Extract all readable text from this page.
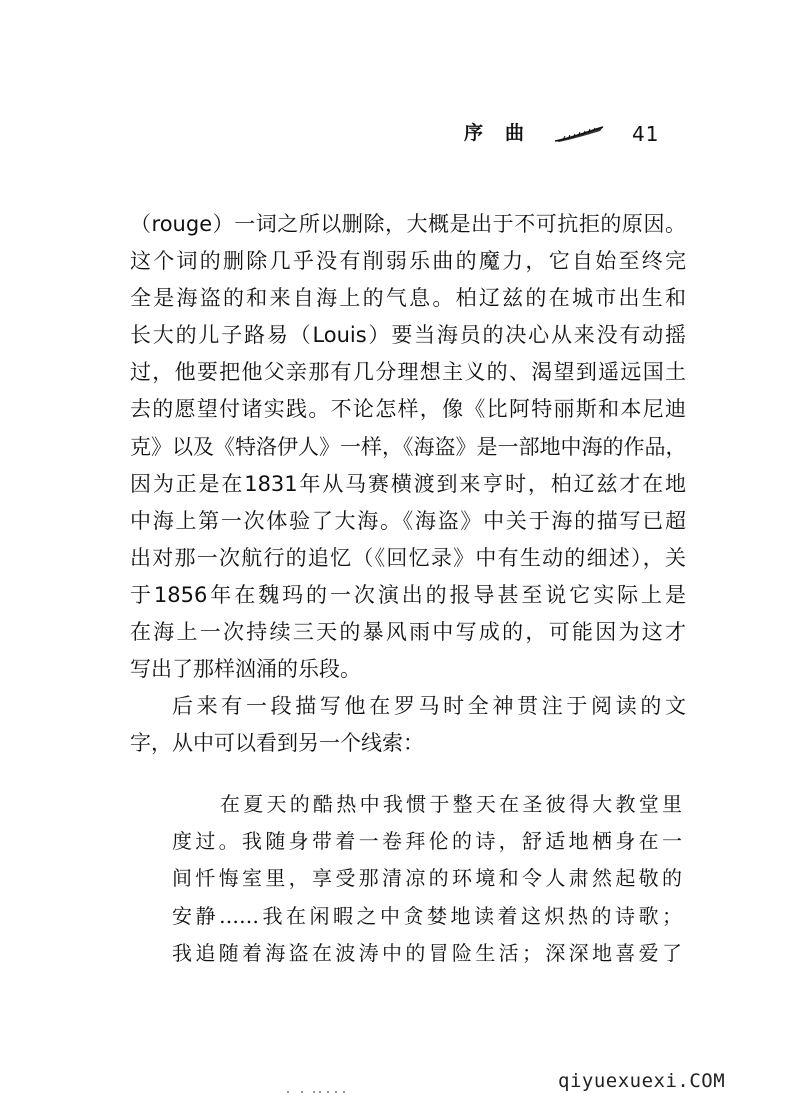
序曲	41
（rouge）一词之所以删除，大概是出于不可抗拒的原因。
这个词的删除几乎没有削弱乐曲的魔力，它自始至终完
全是海盗的和来自海上的气息。柏辽兹的在城市出生和
长大的儿子路易（Louis）要当海员的决心从来没有动摇
过，他要把他父亲那有几分理想主义的、渴望到遥远国土
去的愿望付诸实践。不论怎样，像《比阿特丽斯和本尼迪
克》以及《特洛伊人》一样，《海盗》是一部地中海的作品，
因为正是在1831年从马赛横渡到来亨时，柏辽兹才在地
中海上第一次体验了大海。《海盗》中关于海的描写已超
出对那一次航行的追忆（《回忆录》中有生动的细述），关
于1856年在魏玛的一次演出的报导甚至说它实际上是
在海上一次持续三天的暴风雨中写成的，可能因为这才
写出了那样汹涌的乐段。
后来有一段描写他在罗马时全神贯注于阅读的文
字，从中可以看到另一个线索：
在夏天的酷热中我惯于整天在圣彼得大教堂里
度过。我随身带着一卷拜伦的诗，舒适地栖身在一
间忏悔室里，享受那清凉的环境和令人肃然起敬的
安静……我在闲暇之中贪婪地读着这炽热的诗歌；
我追随着海盗在波涛中的冒险生活；深深地喜爱了
qiyuexuexi.COM
